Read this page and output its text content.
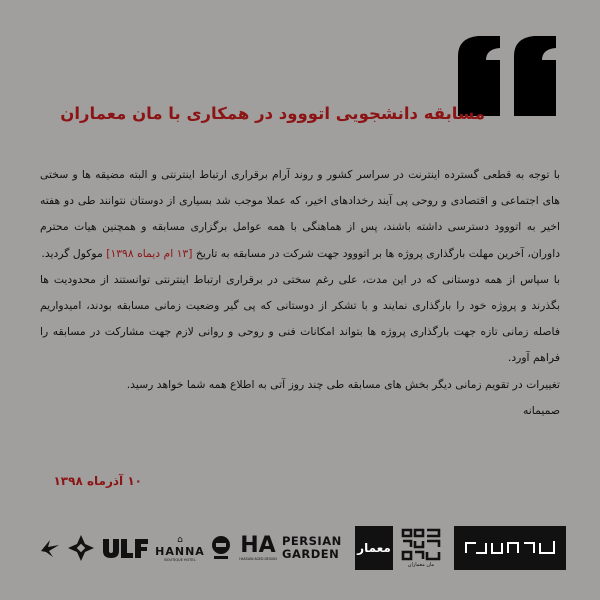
مسابقه دانشجویی اتووود در همکاری با مان معماران

با توجه به قطعی گسترده اینترنت در سراسر کشور و روند آرام برقراری ارتباط اینترنتی و البته مضیقه ها و سختی های اجتماعی و اقتصادی و روحی پی آیند رخدادهای اخیر، که عملا موجب شد بسیاری از دوستان نتوانند طی دو هفته اخیر به اتووود دسترسی داشته باشند، پس از هماهنگی با همه عوامل برگزاری مسابقه و همچنین هیات محترم داوران، آخرین مهلت بارگذاری پروژه ها بر اتووود جهت شرکت در مسابقه به تاریخ [۱۳ ام دیماه ۱۳۹۸] موکول گردید.

با سپاس از همه دوستانی که در این مدت، علی رغم سختی در برقراری ارتباط اینترنتی توانستند از محدودیت ها بگذرند و پروژه خود را بارگذاری نمایند و با تشکر از دوستانی که پی گیر وضعیت زمانی مسابقه بودند، امیدواریم فاصله زمانی تازه جهت بارگذاری پروژه ها بتواند امکانات فنی و روحی و روانی لازم جهت مشارکت در مسابقه را فراهم آورد.

تغییرات در تقویم زمانی دیگر بخش های مسابقه طی چند روز آتی به اطلاع همه شما خواهد رسید.

صمیمانه

۱۰ آذرماه ۱۳۹۸
⌂
HANNA
BOUTIQUE HOTEL
HA
HASSANI AGED DESIGN
PERSIAN
GARDEN معمار
مان معماران
